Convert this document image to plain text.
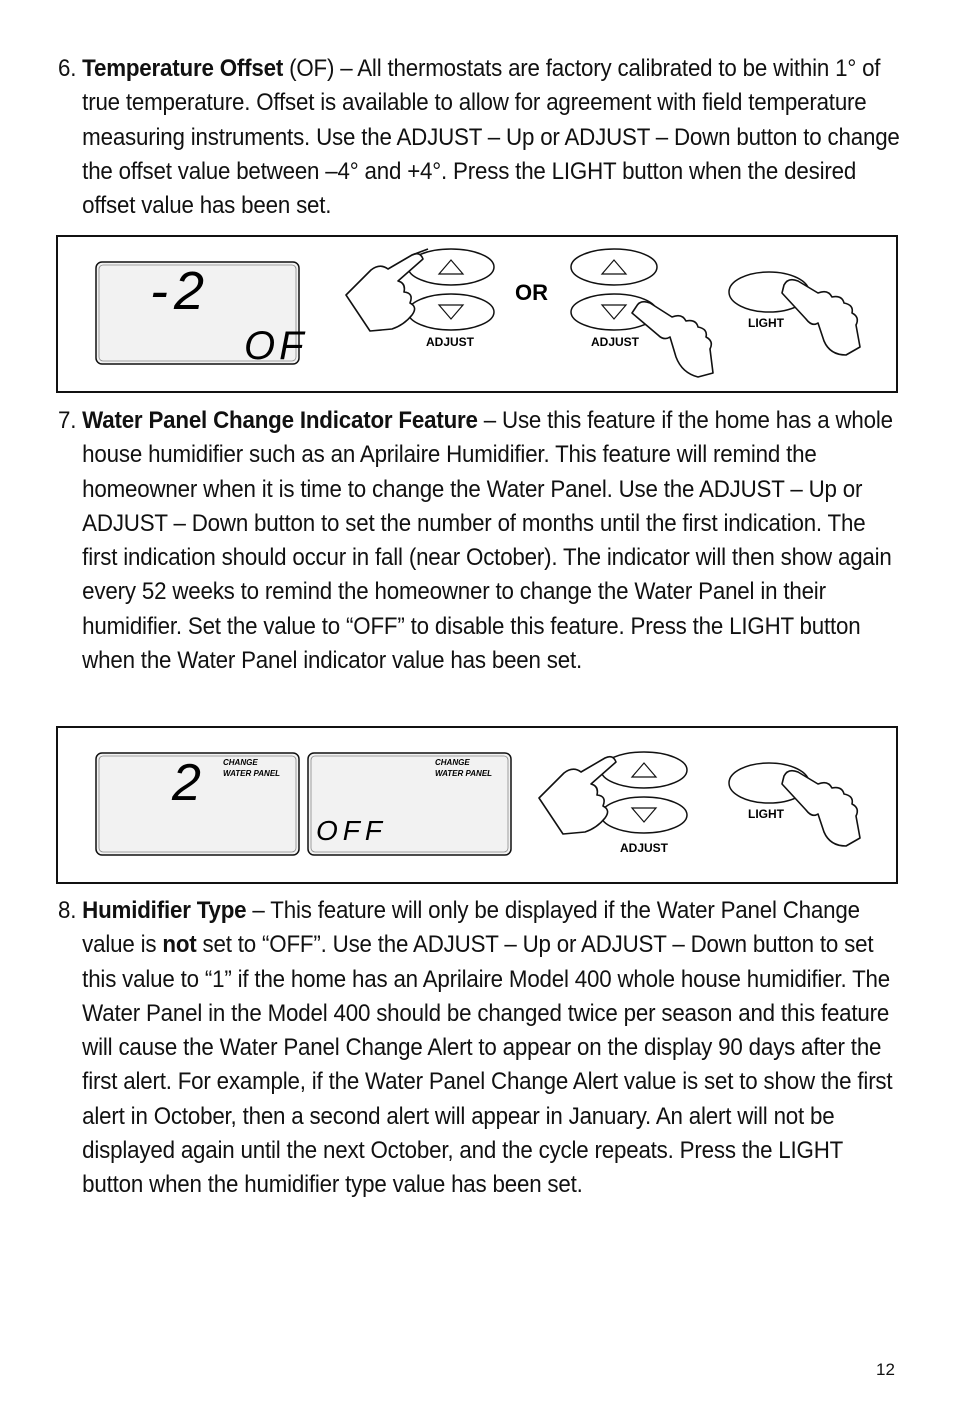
6. Temperature Offset (OF) – All thermostats are factory calibrated to be within 1° of true temperature. Offset is available to allow for agreement with field temperature measuring instruments. Use the ADJUST – Up or ADJUST – Down button to change the offset value between –4° and +4°. Press the LIGHT button when the desired offset value has been set.
-2
OF	ADJUST
OR
ADJUST
LIGHT
7. Water Panel Change Indicator Feature – Use this feature if the home has a whole house humidifier such as an Aprilaire Humidifier. This feature will remind the homeowner when it is time to change the Water Panel. Use the ADJUST – Up or ADJUST – Down button to set the number of months until the first indication. The first indication should occur in fall (near October). The indicator will then show again every 52 weeks to remind the homeowner to change the Water Panel in their humidifier. Set the value to “OFF” to disable this feature. Press the LIGHT button when the Water Panel indicator value has been set.
2	CHANGE
WATER PANEL
CHANGE
WATER PANEL
OFF
ADJUST
LIGHT
8. Humidifier Type – This feature will only be displayed if the Water Panel Change value is not set to “OFF”. Use the ADJUST – Up or ADJUST – Down button to set this value to “1” if the home has an Aprilaire Model 400 whole house humidifier. The Water Panel in the Model 400 should be changed twice per season and this feature will cause the Water Panel Change Alert to appear on the display 90 days after the first alert. For example, if the Water Panel Change Alert value is set to show the first alert in October, then a second alert will appear in January. An alert will not be displayed again until the next October, and the cycle repeats. Press the LIGHT button when the humidifier type value has been set.
12
